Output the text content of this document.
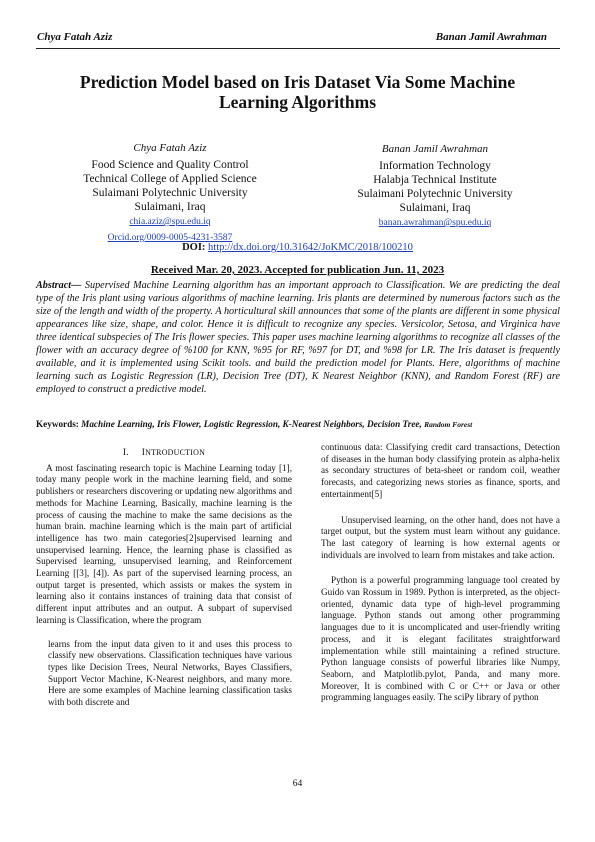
Chya Fatah Aziz	Banan Jamil Awrahman
Prediction Model based on Iris Dataset Via Some Machine Learning Algorithms
Chya Fatah Aziz
Food Science and Quality Control
Technical College of Applied Science
Sulaimani Polytechnic University
Sulaimani, Iraq
chia.aziz@spu.edu.iq
Orcid.org/0009-0005-4231-3587
Banan Jamil Awrahman
Information Technology
Halabja Technical Institute
Sulaimani Polytechnic University
Sulaimani, Iraq
banan.awrahman@spu.edu.iq
DOI: http://dx.doi.org/10.31642/JoKMC/2018/100210
Received Mar. 20, 2023. Accepted for publication Jun. 11, 2023
Abstract— Supervised Machine Learning algorithm has an important approach to Classification. We are predicting the deal type of the Iris plant using various algorithms of machine learning. Iris plants are determined by numerous factors such as the size of the length and width of the property. A horticultural skill announces that some of the plants are different in some physical appearances like size, shape, and color. Hence it is difficult to recognize any species. Versicolor, Setosa, and Virginica have three identical subspecies of The Iris flower species. This paper uses machine learning algorithms to recognize all classes of the flower with an accuracy degree of %100 for KNN, %95 for RF, %97 for DT, and %98 for LR. The Iris dataset is frequently available, and it is implemented using Scikit tools. and build the prediction model for Plants. Here, algorithms of machine learning such as Logistic Regression (LR), Decision Tree (DT), K Nearest Neighbor (KNN), and Random Forest (RF) are employed to construct a predictive model.
Keywords: Machine Learning, Iris Flower, Logistic Regression, K-Nearest Neighbors, Decision Tree, Random Forest
I. INTRODUCTION

A most fascinating research topic is Machine Learning today [1], today many people work in the machine learning field, and some publishers or researchers discovering or updating new algorithms and methods for Machine Learning, Basically, machine learning is the process of causing the machine to make the same decisions as the human brain. machine learning which is the main part of artificial intelligence has two main categories[2]supervised learning and unsupervised learning. Hence, the learning phase is classified as Supervised learning, unsupervised learning, and Reinforcement Learning [[3], [4]). As part of the supervised learning process, an output target is presented, which assists or makes the system in learning also it contains instances of training data that consist of different input attributes and an output. A subpart of supervised learning is Classification, where the program

learns from the input data given to it and uses this process to classify new observations. Classification techniques have various types like Decision Trees, Neural Networks, Bayes Classifiers, Support Vector Machine, K-Nearest neighbors, and many more. Here are some examples of Machine learning classification tasks with both discrete and

continuous data: Classifying credit card transactions, Detection of diseases in the human body classifying protein as alpha-helix as secondary structures of beta-sheet or random coil, weather forecasts, and categorizing news stories as finance, sports, and entertainment[5]

Unsupervised learning, on the other hand, does not have a target output, but the system must learn without any guidance. The last category of learning is how external agents or individuals are involved to learn from mistakes and take action.

Python is a powerful programming language tool created by Guido van Rossum in 1989. Python is interpreted, as the object-oriented, dynamic data type of high-level programming language. Python stands out among other programming languages due to it is uncomplicated and user-friendly writing process, and it is elegant facilitates straightforward implementation while still maintaining a refined structure. Python language consists of powerful libraries like Numpy, Seaborn, and Matplotlib.pylot, Panda, and many more. Moreover, It is combined with C or C++ or Java or other programming languages easily. The sciPy library of python

64
